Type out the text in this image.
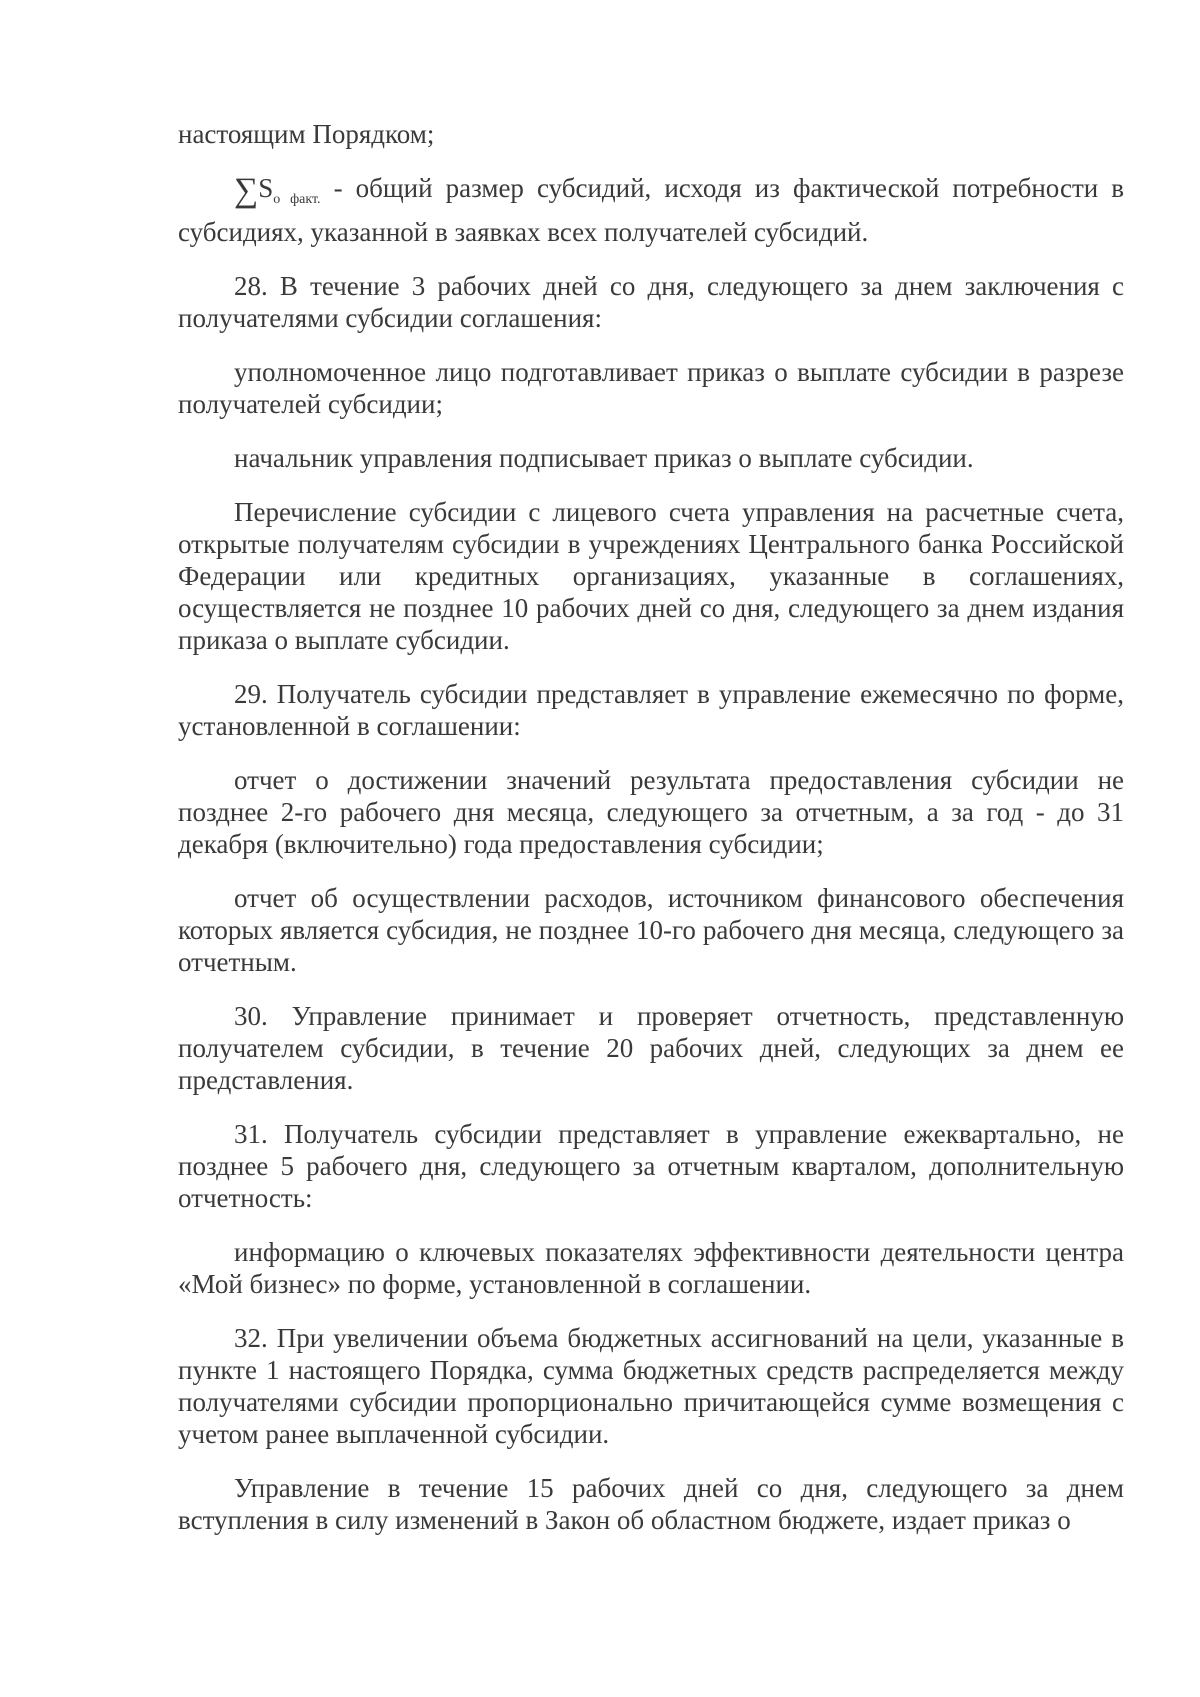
настоящим Порядком;

$\sum S_{о факт.}$ - общий размер субсидий, исходя из фактической потребности в субсидиях, указанной в заявках всех получателей субсидий.

28. В течение 3 рабочих дней со дня, следующего за днем заключения с получателями субсидии соглашения:

уполномоченное лицо подготавливает приказ о выплате субсидии в разрезе получателей субсидии;

начальник управления подписывает приказ о выплате субсидии.

Перечисление субсидии с лицевого счета управления на расчетные счета, открытые получателям субсидии в учреждениях Центрального банка Российской Федерации или кредитных организациях, указанные в соглашениях, осуществляется не позднее 10 рабочих дней со дня, следующего за днем издания приказа о выплате субсидии.

29. Получатель субсидии представляет в управление ежемесячно по форме, установленной в соглашении:

отчет о достижении значений результата предоставления субсидии не позднее 2-го рабочего дня месяца, следующего за отчетным, а за год - до 31 декабря (включительно) года предоставления субсидии;

отчет об осуществлении расходов, источником финансового обеспечения которых является субсидия, не позднее 10-го рабочего дня месяца, следующего за отчетным.

30. Управление принимает и проверяет отчетность, представленную получателем субсидии, в течение 20 рабочих дней, следующих за днем ее представления.

31. Получатель субсидии представляет в управление ежеквартально, не позднее 5 рабочего дня, следующего за отчетным кварталом, дополнительную отчетность:

информацию о ключевых показателях эффективности деятельности центра «Мой бизнес» по форме, установленной в соглашении.

32. При увеличении объема бюджетных ассигнований на цели, указанные в пункте 1 настоящего Порядка, сумма бюджетных средств распределяется между получателями субсидии пропорционально причитающейся сумме возмещения с учетом ранее выплаченной субсидии.

Управление в течение 15 рабочих дней со дня, следующего за днем вступления в силу изменений в Закон об областном бюджете, издает приказ о
